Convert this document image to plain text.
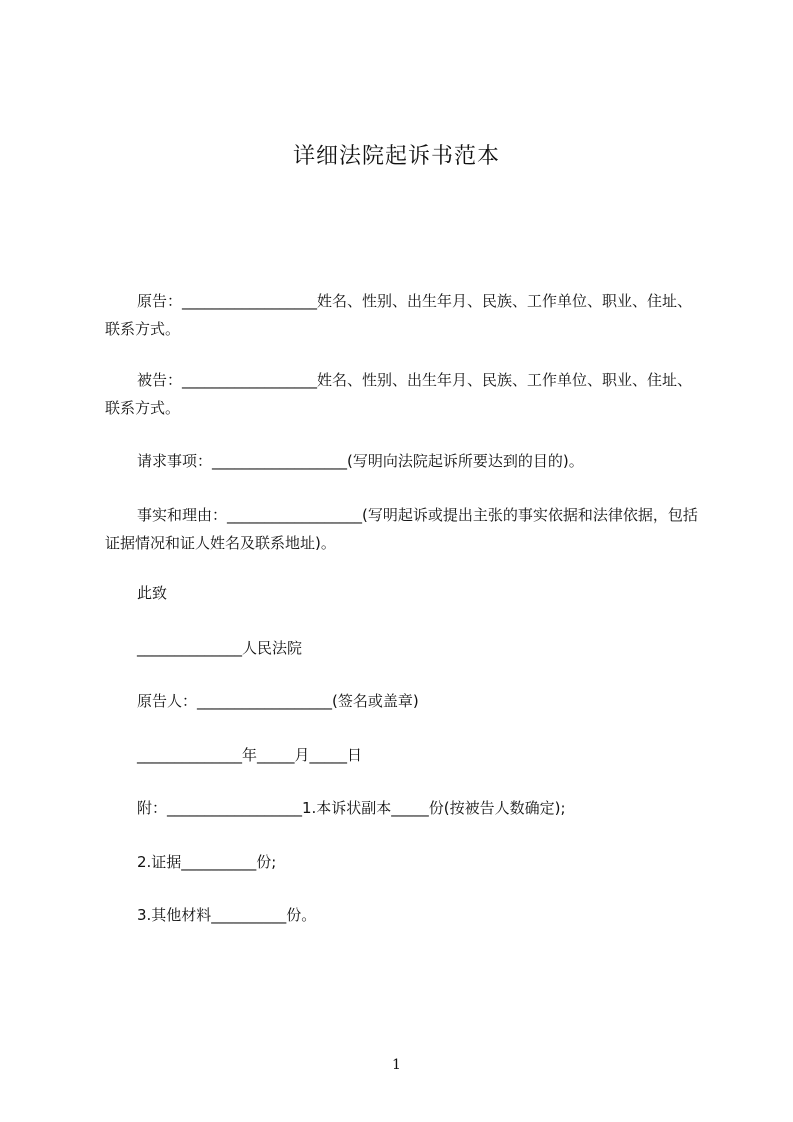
详细法院起诉书范本
原告：__________________姓名、性别、出生年月、民族、工作单位、职业、住址、联系方式。
被告：__________________姓名、性别、出生年月、民族、工作单位、职业、住址、联系方式。
请求事项：__________________(写明向法院起诉所要达到的目的)。
事实和理由：__________________(写明起诉或提出主张的事实依据和法律依据，包括证据情况和证人姓名及联系地址)。
此致
______________人民法院
原告人：__________________(签名或盖章)
______________年_____月_____日
附：__________________1.本诉状副本_____份(按被告人数确定);
2.证据__________份;
3.其他材料__________份。
1
